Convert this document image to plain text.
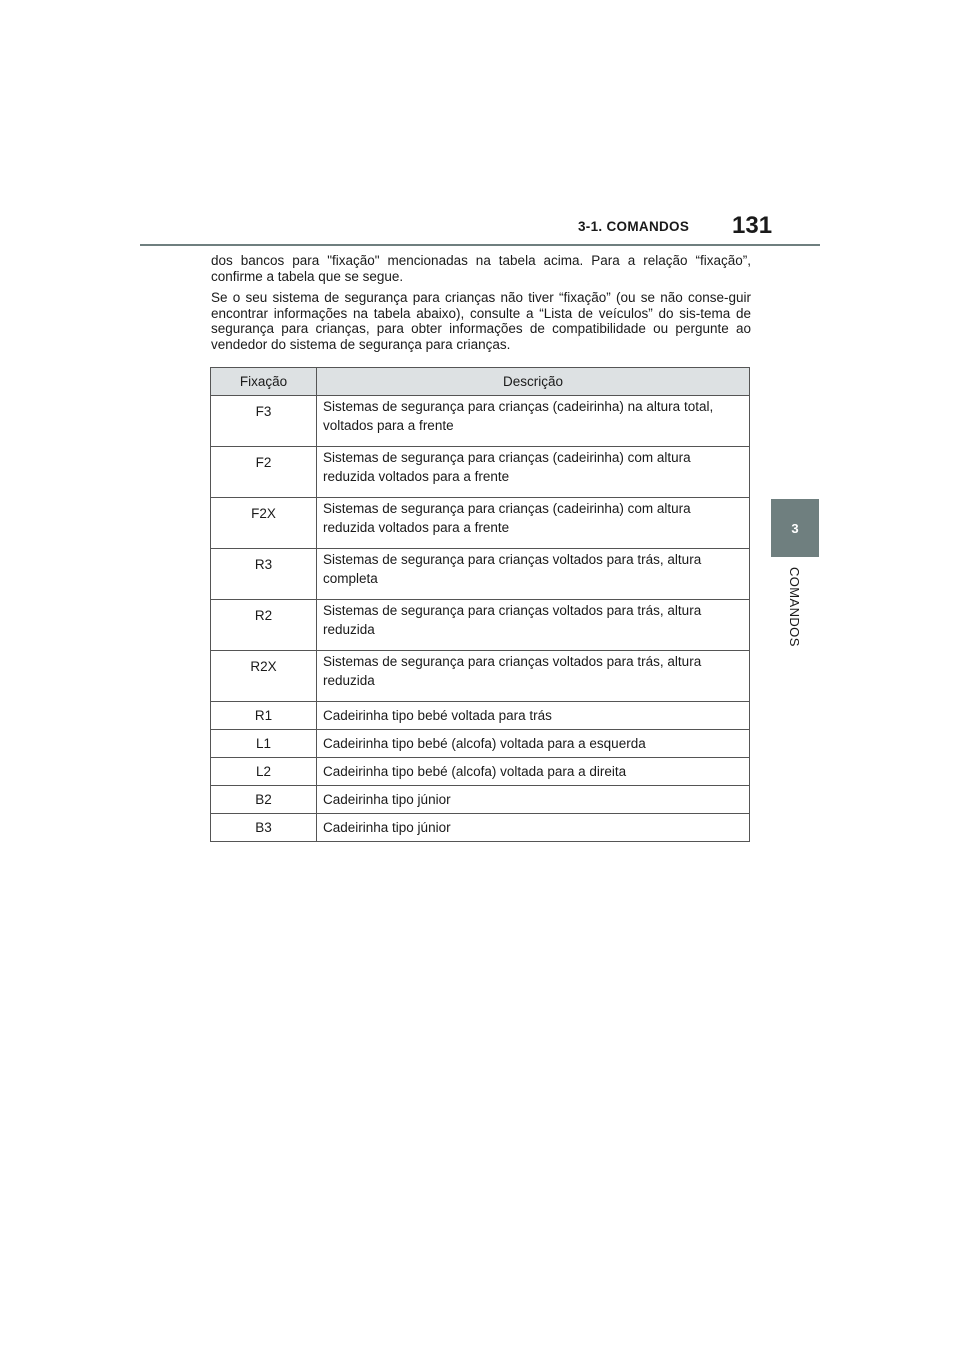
3-1. COMANDOS 131
3
COMANDOS

dos bancos para "fixação" mencionadas na tabela acima. Para a relação “fixação”, confirme a tabela que se segue.

Se o seu sistema de segurança para crianças não tiver “fixação” (ou se não conse-guir encontrar informações na tabela abaixo), consulte a “Lista de veículos” do sis-tema de segurança para crianças, para obter informações de compatibilidade ou pergunte ao vendedor do sistema de segurança para crianças.

Fixação	Descrição
F3	Sistemas de segurança para crianças (cadeirinha) na altura total, voltados para a frente
F2	Sistemas de segurança para crianças (cadeirinha) com altura reduzida voltados para a frente
F2X	Sistemas de segurança para crianças (cadeirinha) com altura reduzida voltados para a frente
R3	Sistemas de segurança para crianças voltados para trás, altura completa
R2	Sistemas de segurança para crianças voltados para trás, altura reduzida
R2X	Sistemas de segurança para crianças voltados para trás, altura reduzida
R1	Cadeirinha tipo bebé voltada para trás
L1	Cadeirinha tipo bebé (alcofa) voltada para a esquerda
L2	Cadeirinha tipo bebé (alcofa) voltada para a direita
B2	Cadeirinha tipo júnior
B3	Cadeirinha tipo júnior
